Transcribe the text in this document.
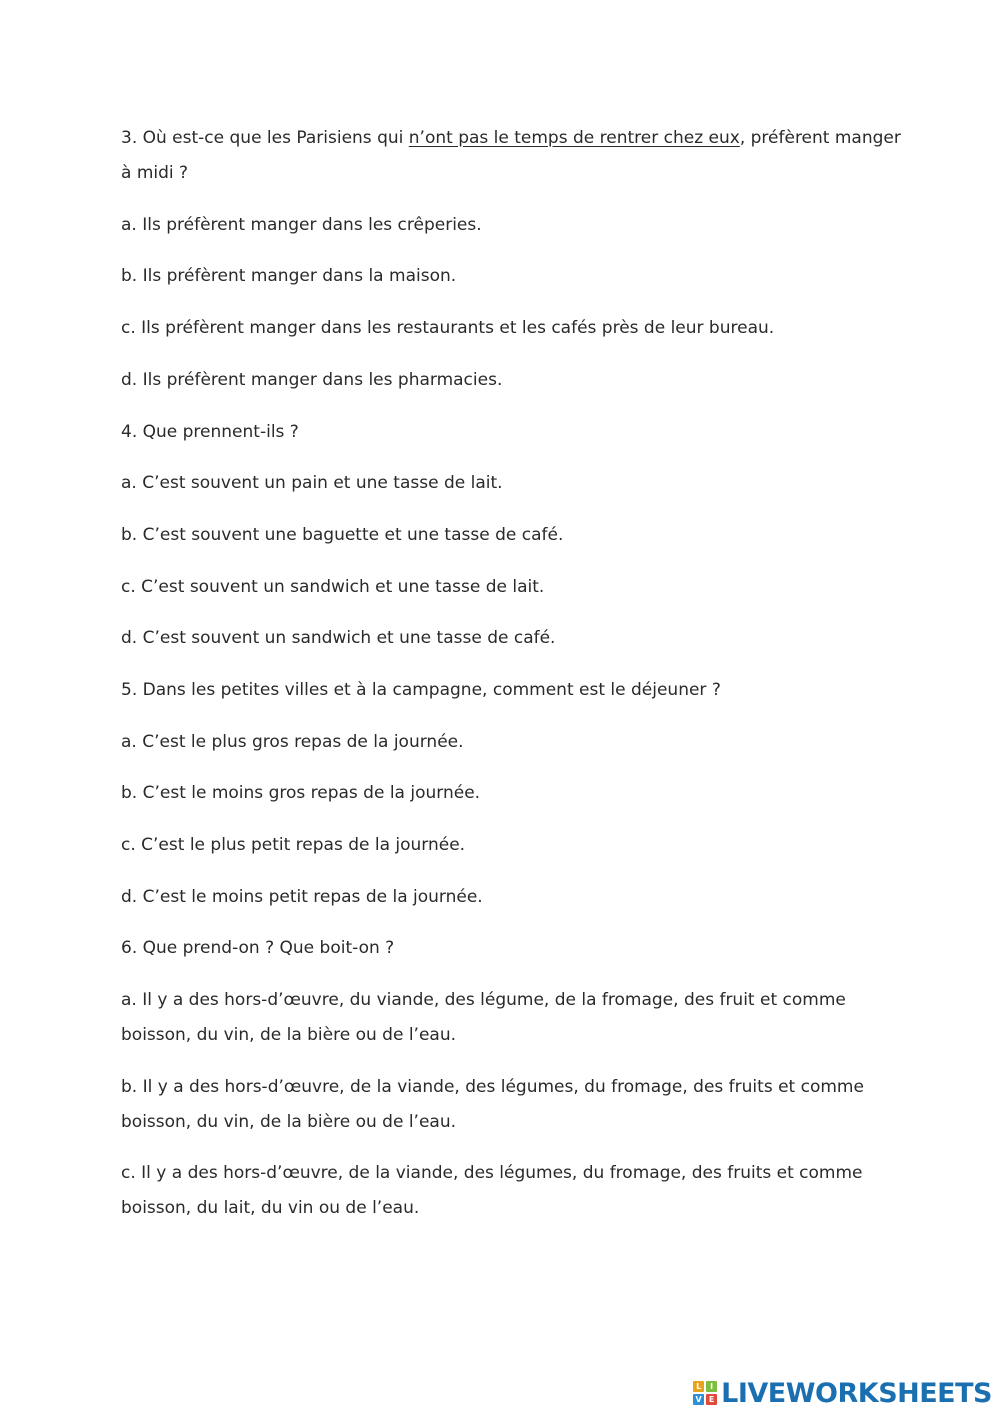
3. Où est-ce que les Parisiens qui n’ont pas le temps de rentrer chez eux, préfèrent manger
à midi ?
a. Ils préfèrent manger dans les crêperies.
b. Ils préfèrent manger dans la maison.
c. Ils préfèrent manger dans les restaurants et les cafés près de leur bureau.
d. Ils préfèrent manger dans les pharmacies.
4. Que prennent-ils ?
a. C’est souvent un pain et une tasse de lait.
b. C’est souvent une baguette et une tasse de café.
c. C’est souvent un sandwich et une tasse de lait.
d. C’est souvent un sandwich et une tasse de café.
5. Dans les petites villes et à la campagne, comment est le déjeuner ?
a. C’est le plus gros repas de la journée.
b. C’est le moins gros repas de la journée.
c. C’est le plus petit repas de la journée.
d. C’est le moins petit repas de la journée.
6. Que prend-on ? Que boit-on ?
a. Il y a des hors-d’œuvre, du viande, des légume, de la fromage, des fruit et comme
boisson, du vin, de la bière ou de l’eau.
b. Il y a des hors-d’œuvre, de la viande, des légumes, du fromage, des fruits et comme
boisson, du vin, de la bière ou de l’eau.
c. Il y a des hors-d’œuvre, de la viande, des légumes, du fromage, des fruits et comme
boisson, du lait, du vin ou de l’eau.
L	I
V E LIVEWORKSHEETS
